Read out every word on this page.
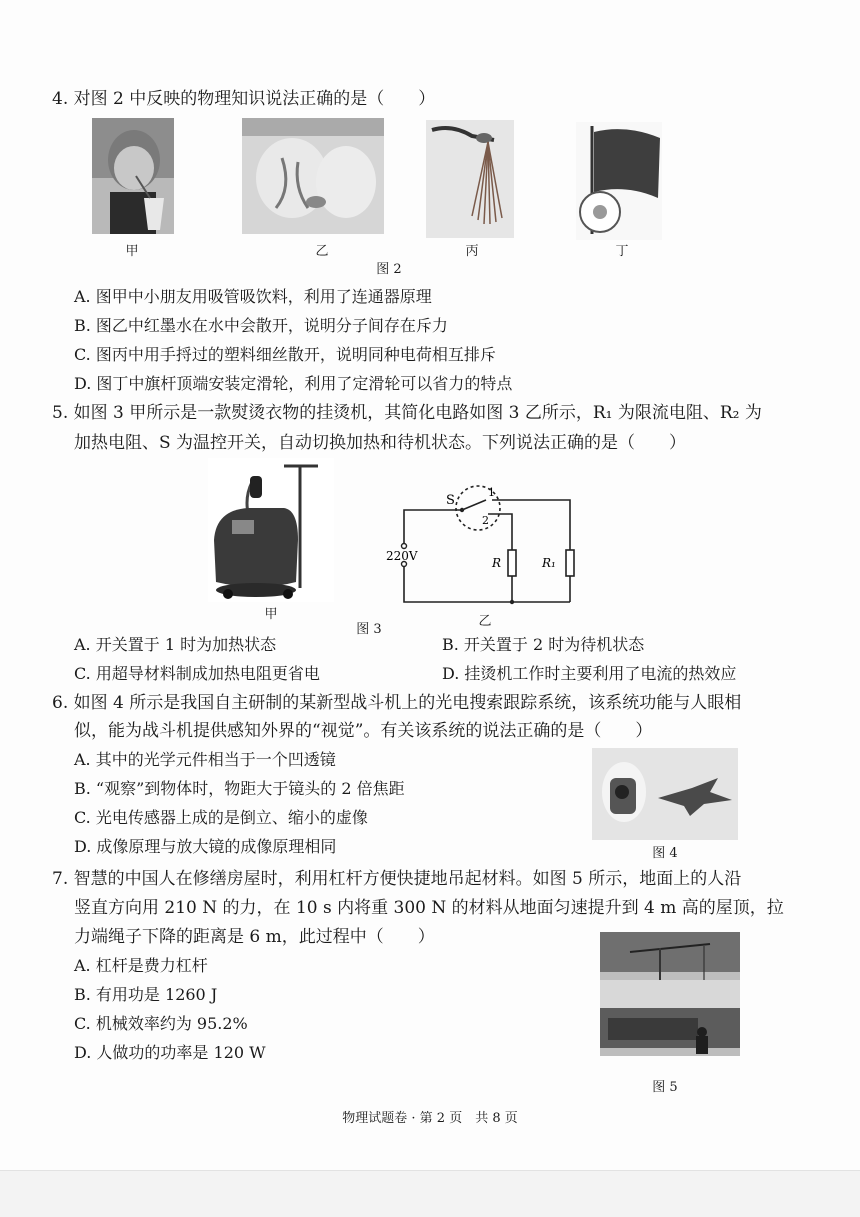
4. 对图 2 中反映的物理知识说法正确的是（　　）
甲	乙	丙	丁
图 2
A. 图甲中小朋友用吸管吸饮料，利用了连通器原理
B. 图乙中红墨水在水中会散开，说明分子间存在斥力
C. 图丙中用手捋过的塑料细丝散开，说明同种电荷相互排斥
D. 图丁中旗杆顶端安装定滑轮，利用了定滑轮可以省力的特点
5. 如图 3 甲所示是一款熨烫衣物的挂烫机，其简化电路如图 3 乙所示，R₁ 为限流电阻、R₂ 为
加热电阻、S 为温控开关，自动切换加热和待机状态。下列说法正确的是（　　）
甲
S
1
2
220V	R	R₁
乙
图 3
A. 开关置于 1 时为加热状态	B. 开关置于 2 时为待机状态
C. 用超导材料制成加热电阻更省电	D. 挂烫机工作时主要利用了电流的热效应
6. 如图 4 所示是我国自主研制的某新型战斗机上的光电搜索跟踪系统，该系统功能与人眼相
似，能为战斗机提供感知外界的“视觉”。有关该系统的说法正确的是（　　）
A. 其中的光学元件相当于一个凹透镜
B. “观察”到物体时，物距大于镜头的 2 倍焦距
C. 光电传感器上成的是倒立、缩小的虚像
D. 成像原理与放大镜的成像原理相同	图 4
7. 智慧的中国人在修缮房屋时，利用杠杆方便快捷地吊起材料。如图 5 所示，地面上的人沿
竖直方向用 210 N 的力，在 10 s 内将重 300 N 的材料从地面匀速提升到 4 m 高的屋顶，拉
力端绳子下降的距离是 6 m，此过程中（　　）
A. 杠杆是费力杠杆
B. 有用功是 1260 J
C. 机械效率约为 95.2%
D. 人做功的功率是 120 W
图 5
物理试题卷 · 第 2 页　共 8 页
